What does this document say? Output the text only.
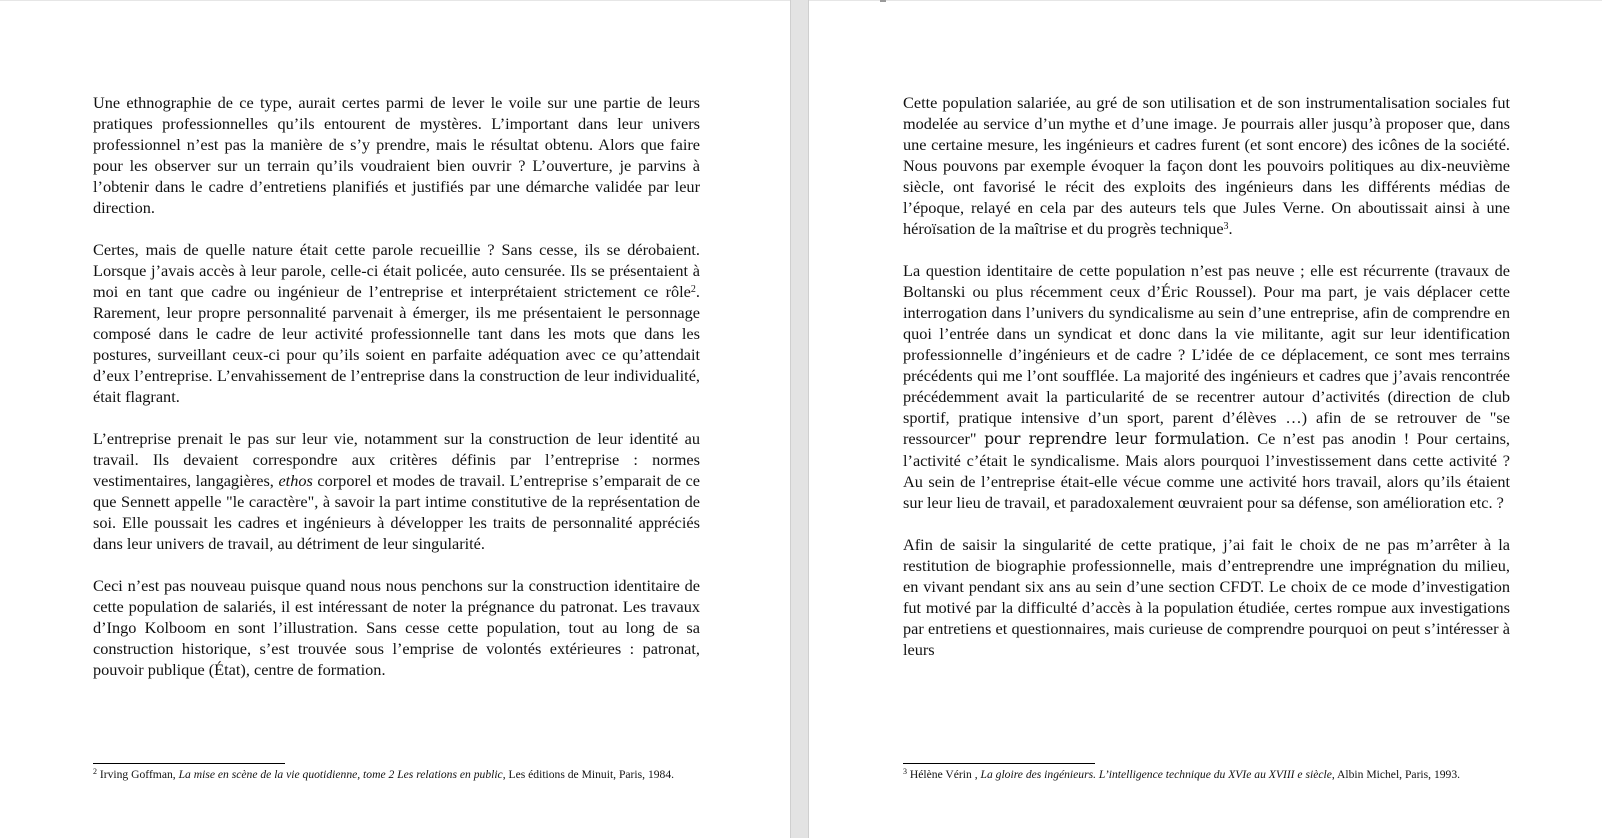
Une ethnographie de ce type, aurait certes parmi de lever le voile sur une partie de leurs pratiques professionnelles qu’ils entourent de mystères. L’important dans leur univers professionnel n’est pas la manière de s’y prendre, mais le résultat obtenu. Alors que faire pour les observer sur un terrain qu’ils voudraient bien ouvrir ? L’ouverture, je parvins à l’obtenir dans le cadre d’entretiens planifiés et justifiés par une démarche validée par leur direction.

Certes, mais de quelle nature était cette parole recueillie ? Sans cesse, ils se dérobaient. Lorsque j’avais accès à leur parole, celle-ci était policée, auto censurée. Ils se présentaient à moi en tant que cadre ou ingénieur de l’entreprise et interprétaient strictement ce rôle$^2$. Rarement, leur propre personnalité parvenait à émerger, ils me présentaient le personnage composé dans le cadre de leur activité professionnelle tant dans les mots que dans les postures, surveillant ceux-ci pour qu’ils soient en parfaite adéquation avec ce qu’attendait d’eux l’entreprise. L’envahissement de l’entreprise dans la construction de leur individualité, était flagrant.

L’entreprise prenait le pas sur leur vie, notamment sur la construction de leur identité au travail. Ils devaient correspondre aux critères définis par l’entreprise : normes vestimentaires, langagières, ethos corporel et modes de travail. L’entreprise s’emparait de ce que Sennett appelle "le caractère", à savoir la part intime constitutive de la représentation de soi. Elle poussait les cadres et ingénieurs à développer les traits de personnalité appréciés dans leur univers de travail, au détriment de leur singularité.

Ceci n’est pas nouveau puisque quand nous nous penchons sur la construction identitaire de cette population de salariés, il est intéressant de noter la prégnance du patronat. Les travaux d’Ingo Kolboom en sont l’illustration. Sans cesse cette population, tout au long de sa construction historique, s’est trouvée sous l’emprise de volontés extérieures : patronat, pouvoir publique (État), centre de formation.

$^2$ Irving Goffman, La mise en scène de la vie quotidienne, tome 2 Les relations en public, Les éditions de Minuit, Paris, 1984.

Cette population salariée, au gré de son utilisation et de son instrumentalisation sociales fut modelée au service d’un mythe et d’une image. Je pourrais aller jusqu’à proposer que, dans une certaine mesure, les ingénieurs et cadres furent (et sont encore) des icônes de la société. Nous pouvons par exemple évoquer la façon dont les pouvoirs politiques au dix-neuvième siècle, ont favorisé le récit des exploits des ingénieurs dans les différents médias de l’époque, relayé en cela par des auteurs tels que Jules Verne. On aboutissait ainsi à une héroïsation de la maîtrise et du progrès technique$^3$.

La question identitaire de cette population n’est pas neuve ; elle est récurrente (travaux de Boltanski ou plus récemment ceux d’Éric Roussel). Pour ma part, je vais déplacer cette interrogation dans l’univers du syndicalisme au sein d’une entreprise, afin de comprendre en quoi l’entrée dans un syndicat et donc dans la vie militante, agit sur leur identification professionnelle d’ingénieurs et de cadre ? L’idée de ce déplacement, ce sont mes terrains précédents qui me l’ont soufflée. La majorité des ingénieurs et cadres que j’avais rencontrée précédemment avait la particularité de se recentrer autour d’activités (direction de club sportif, pratique intensive d’un sport, parent d’élèves …) afin de se retrouver de "se ressourcer" pour reprendre leur formulation. Ce n’est pas anodin ! Pour certains, l’activité c’était le syndicalisme. Mais alors pourquoi l’investissement dans cette activité ? Au sein de l’entreprise était-elle vécue comme une activité hors travail, alors qu’ils étaient sur leur lieu de travail, et paradoxalement œuvraient pour sa défense, son amélioration etc. ?

Afin de saisir la singularité de cette pratique, j’ai fait le choix de ne pas m’arrêter à la restitution de biographie professionnelle, mais d’entreprendre une imprégnation du milieu, en vivant pendant six ans au sein d’une section CFDT. Le choix de ce mode d’investigation fut motivé par la difficulté d’accès à la population étudiée, certes rompue aux investigations par entretiens et questionnaires, mais curieuse de comprendre pourquoi on peut s’intéresser à leurs

$^3$ Hélène Vérin , La gloire des ingénieurs. L’intelligence technique du XVIe au XVIII e siècle, Albin Michel, Paris, 1993.
